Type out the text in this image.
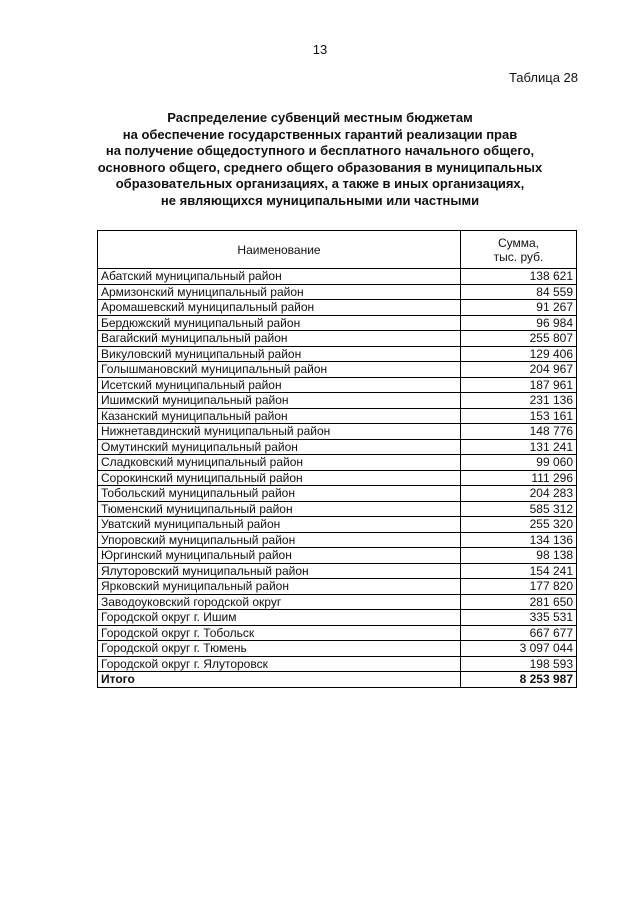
13
Таблица 28
Распределение субвенций местным бюджетам
на обеспечение государственных гарантий реализации прав
на получение общедоступного и бесплатного начального общего,
основного общего, среднего общего образования в муниципальных
образовательных организациях, а также в иных организациях,
не являющихся муниципальными или частными
Наименование	Сумма,
тыс. руб.

Абатский муниципальный район	138 621
Армизонский муниципальный район	84 559
Аромашевский муниципальный район	91 267
Бердюжский муниципальный район	96 984
Вагайский муниципальный район	255 807
Викуловский муниципальный район	129 406
Голышмановский муниципальный район	204 967
Исетский муниципальный район	187 961
Ишимский муниципальный район	231 136
Казанский муниципальный район	153 161
Нижнетавдинский муниципальный район	148 776
Омутинский муниципальный район	131 241
Сладковский муниципальный район	99 060
Сорокинский муниципальный район	111 296
Тобольский муниципальный район	204 283
Тюменский муниципальный район	585 312
Уватский муниципальный район	255 320
Упоровский муниципальный район	134 136
Юргинский муниципальный район	98 138
Ялуторовский муниципальный район	154 241
Ярковский муниципальный район	177 820
Заводоуковский городской округ	281 650
Городской округ г. Ишим	335 531
Городской округ г. Тобольск	667 677
Городской округ г. Тюмень	3 097 044
Городской округ г. Ялуторовск	198 593
Итого	8 253 987
